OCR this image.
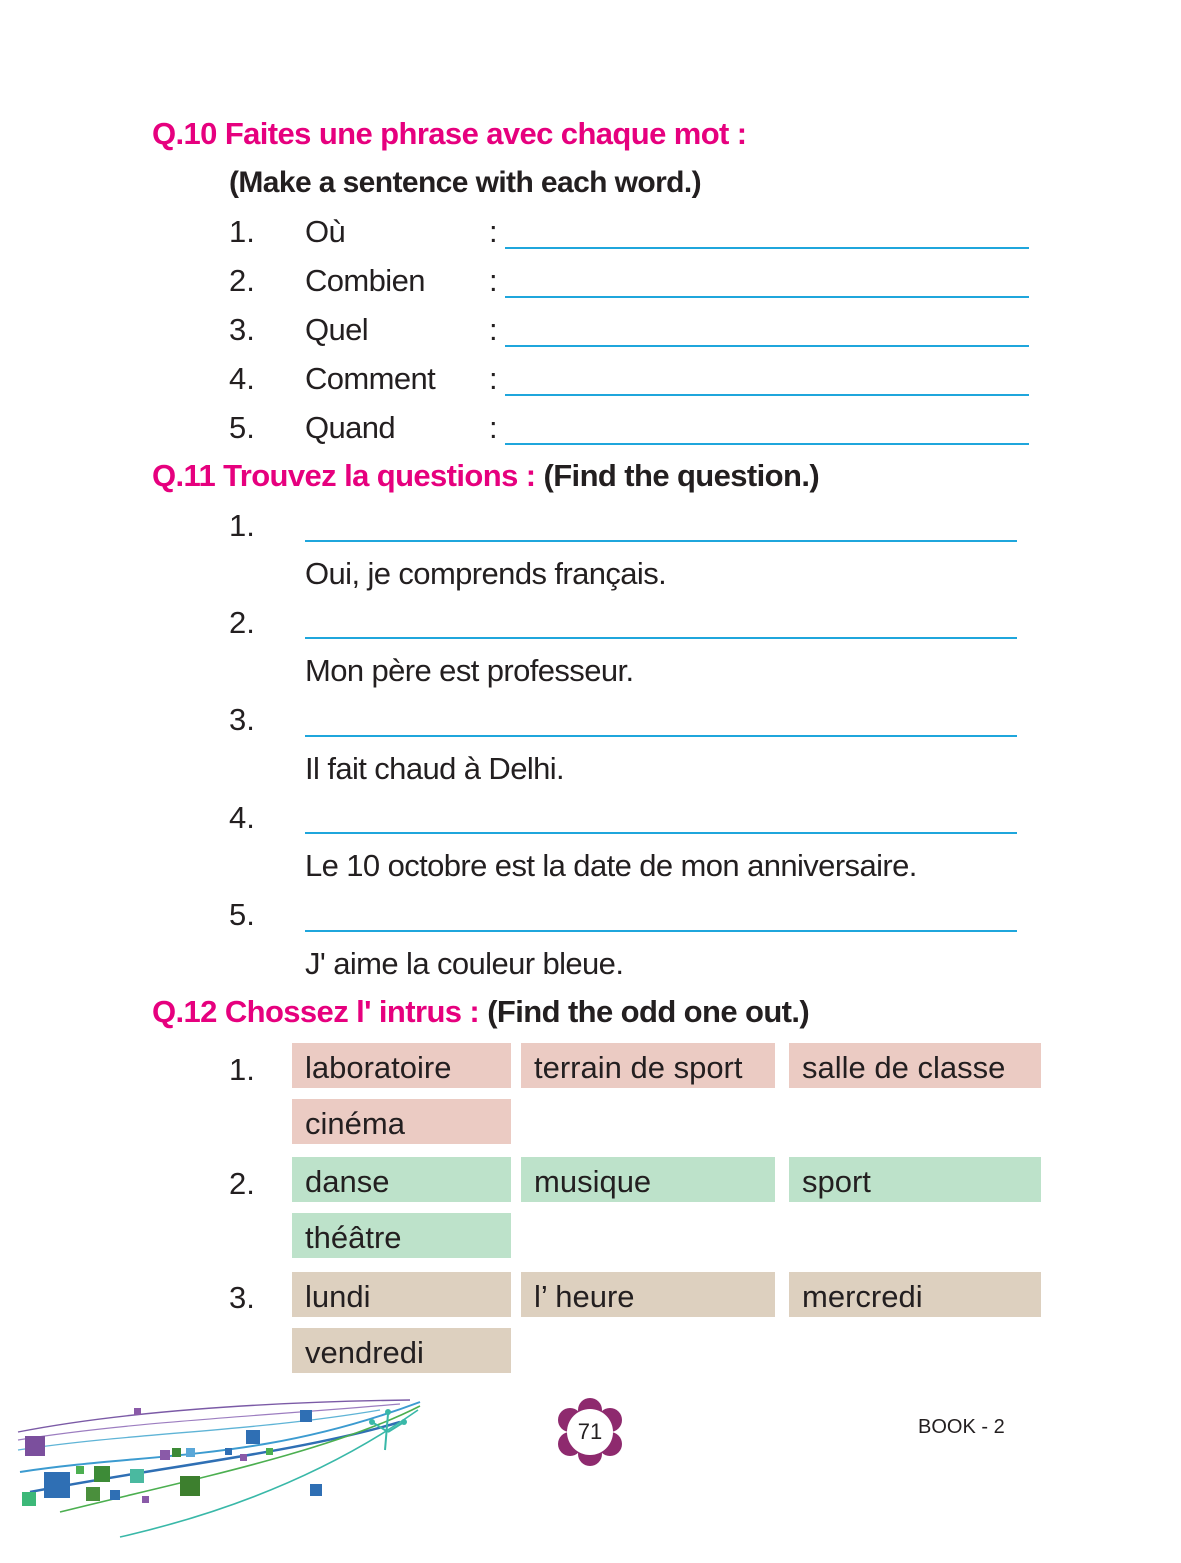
Q.10 Faites une phrase avec chaque mot :
(Make a sentence with each word.)
1. Où	:
2. Combien :
3. Quel	:
4. Comment :
5. Quand	:
Q.11 Trouvez la questions : (Find the question.)
1.
Oui, je comprends français.
2.
Mon père est professeur.
3.
Il fait chaud à Delhi.
4.
Le 10 octobre est la date de mon anniversaire.
5.
J' aime la couleur bleue.
Q.12 Chossez l' intrus : (Find the odd one out.)
1.	laboratoire	terrain de sport	salle de classe
cinéma
2.	danse	musique	sport
théâtre
3.	lundi	l’ heure	mercredi
vendredi
71	BOOK - 2
